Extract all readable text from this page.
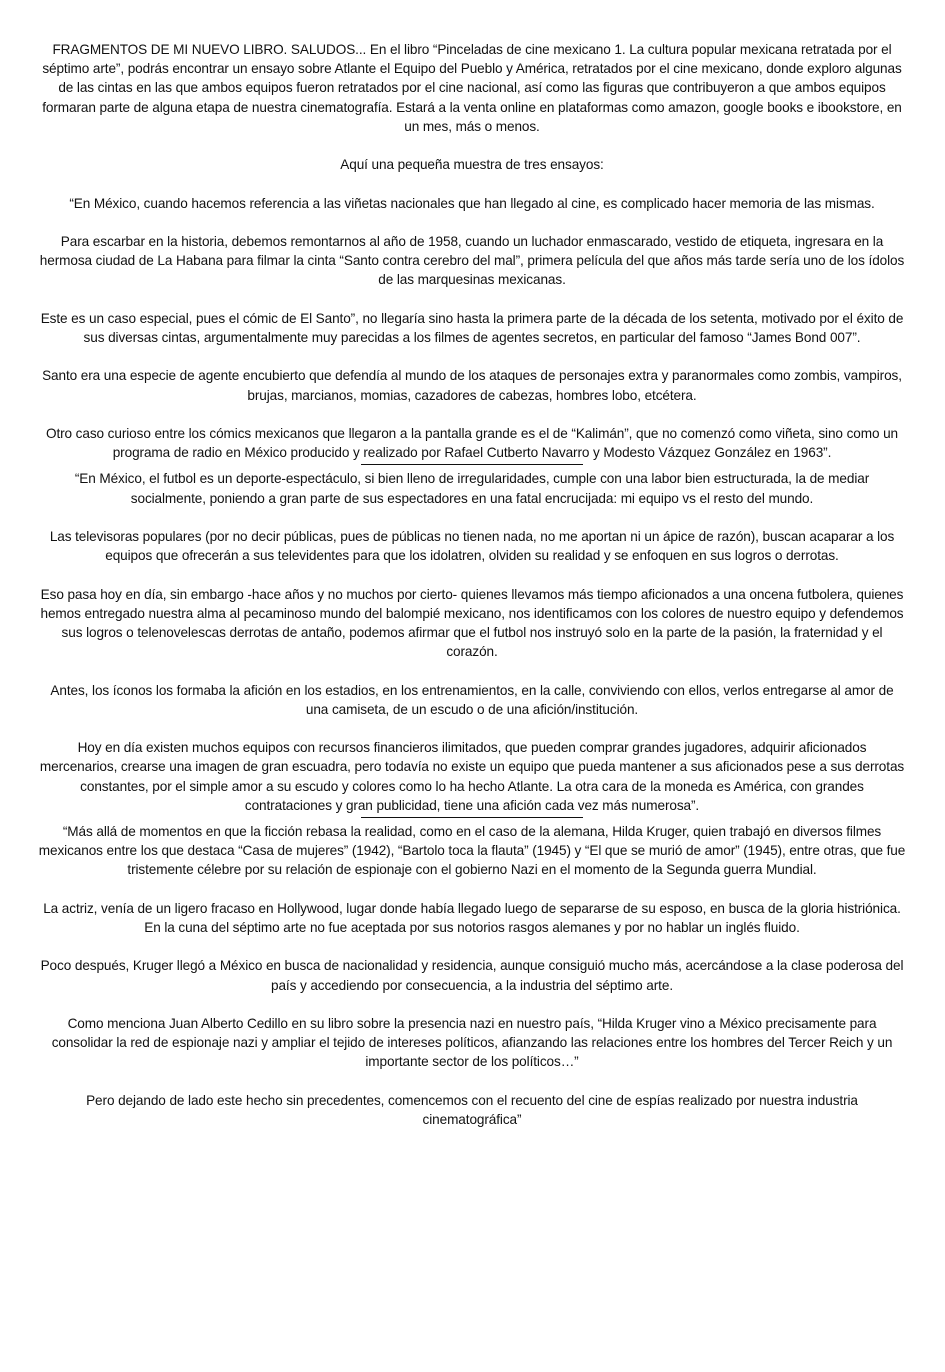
FRAGMENTOS DE MI NUEVO LIBRO. SALUDOS... En el libro “Pinceladas de cine mexicano 1. La cultura popular mexicana retratada por el séptimo arte”, podrás encontrar un ensayo sobre Atlante el Equipo del Pueblo y América, retratados por el cine mexicano, donde exploro algunas de las cintas en las que ambos equipos fueron retratados por el cine nacional, así como las figuras que contribuyeron a que ambos equipos formaran parte de alguna etapa de nuestra cinematografía. Estará a la venta online en plataformas como amazon, google books e ibookstore, en un mes, más o menos.

Aquí una pequeña muestra de tres ensayos:

“En México, cuando hacemos referencia a las viñetas nacionales que han llegado al cine, es complicado hacer memoria de las mismas.

Para escarbar en la historia, debemos remontarnos al año de 1958, cuando un luchador enmascarado, vestido de etiqueta, ingresara en la hermosa ciudad de La Habana para filmar la cinta “Santo contra cerebro del mal”, primera película del que años más tarde sería uno de los ídolos de las marquesinas mexicanas.

Este es un caso especial, pues el cómic de El Santo”, no llegaría sino hasta la primera parte de la década de los setenta, motivado por el éxito de sus diversas cintas, argumentalmente muy parecidas a los filmes de agentes secretos, en particular del famoso “James Bond 007”.

Santo era una especie de agente encubierto que defendía al mundo de los ataques de personajes extra y paranormales como zombis, vampiros, brujas, marcianos, momias, cazadores de cabezas, hombres lobo, etcétera.

Otro caso curioso entre los cómics mexicanos que llegaron a la pantalla grande es el de “Kalimán”, que no comenzó como viñeta, sino como un programa de radio en México producido y realizado por Rafael Cutberto Navarro y Modesto Vázquez González en 1963”.

“En México, el futbol es un deporte-espectáculo, si bien lleno de irregularidades, cumple con una labor bien estructurada, la de mediar socialmente, poniendo a gran parte de sus espectadores en una fatal encrucijada: mi equipo vs el resto del mundo.

Las televisoras populares (por no decir públicas, pues de públicas no tienen nada, no me aportan ni un ápice de razón), buscan acaparar a los equipos que ofrecerán a sus televidentes para que los idolatren, olviden su realidad y se enfoquen en sus logros o derrotas.

Eso pasa hoy en día, sin embargo -hace años y no muchos por cierto- quienes llevamos más tiempo aficionados a una oncena futbolera, quienes hemos entregado nuestra alma al pecaminoso mundo del balompié mexicano, nos identificamos con los colores de nuestro equipo y defendemos sus logros o telenovelescas derrotas de antaño, podemos afirmar que el futbol nos instruyó solo en la parte de la pasión, la fraternidad y el corazón.

Antes, los íconos los formaba la afición en los estadios, en los entrenamientos, en la calle, conviviendo con ellos, verlos entregarse al amor de una camiseta, de un escudo o de una afición/institución.

Hoy en día existen muchos equipos con recursos financieros ilimitados, que pueden comprar grandes jugadores, adquirir aficionados mercenarios, crearse una imagen de gran escuadra, pero todavía no existe un equipo que pueda mantener a sus aficionados pese a sus derrotas constantes, por el simple amor a su escudo y colores como lo ha hecho Atlante. La otra cara de la moneda es América, con grandes contrataciones y gran publicidad, tiene una afición cada vez más numerosa”.

“Más allá de momentos en que la ficción rebasa la realidad, como en el caso de la alemana, Hilda Kruger, quien trabajó en diversos filmes mexicanos entre los que destaca “Casa de mujeres” (1942), “Bartolo toca la flauta” (1945) y “El que se murió de amor” (1945), entre otras, que fue tristemente célebre por su relación de espionaje con el gobierno Nazi en el momento de la Segunda guerra Mundial.

La actriz, venía de un ligero fracaso en Hollywood, lugar donde había llegado luego de separarse de su esposo, en busca de la gloria histriónica. En la cuna del séptimo arte no fue aceptada por sus notorios rasgos alemanes y por no hablar un inglés fluido.

Poco después, Kruger llegó a México en busca de nacionalidad y residencia, aunque consiguió mucho más, acercándose a la clase poderosa del país y accediendo por consecuencia, a la industria del séptimo arte.

Como menciona Juan Alberto Cedillo en su libro sobre la presencia nazi en nuestro país, “Hilda Kruger vino a México precisamente para consolidar la red de espionaje nazi y ampliar el tejido de intereses políticos, afianzando las relaciones entre los hombres del Tercer Reich y un importante sector de los políticos…”

Pero dejando de lado este hecho sin precedentes, comencemos con el recuento del cine de espías realizado por nuestra industria cinematográfica”
